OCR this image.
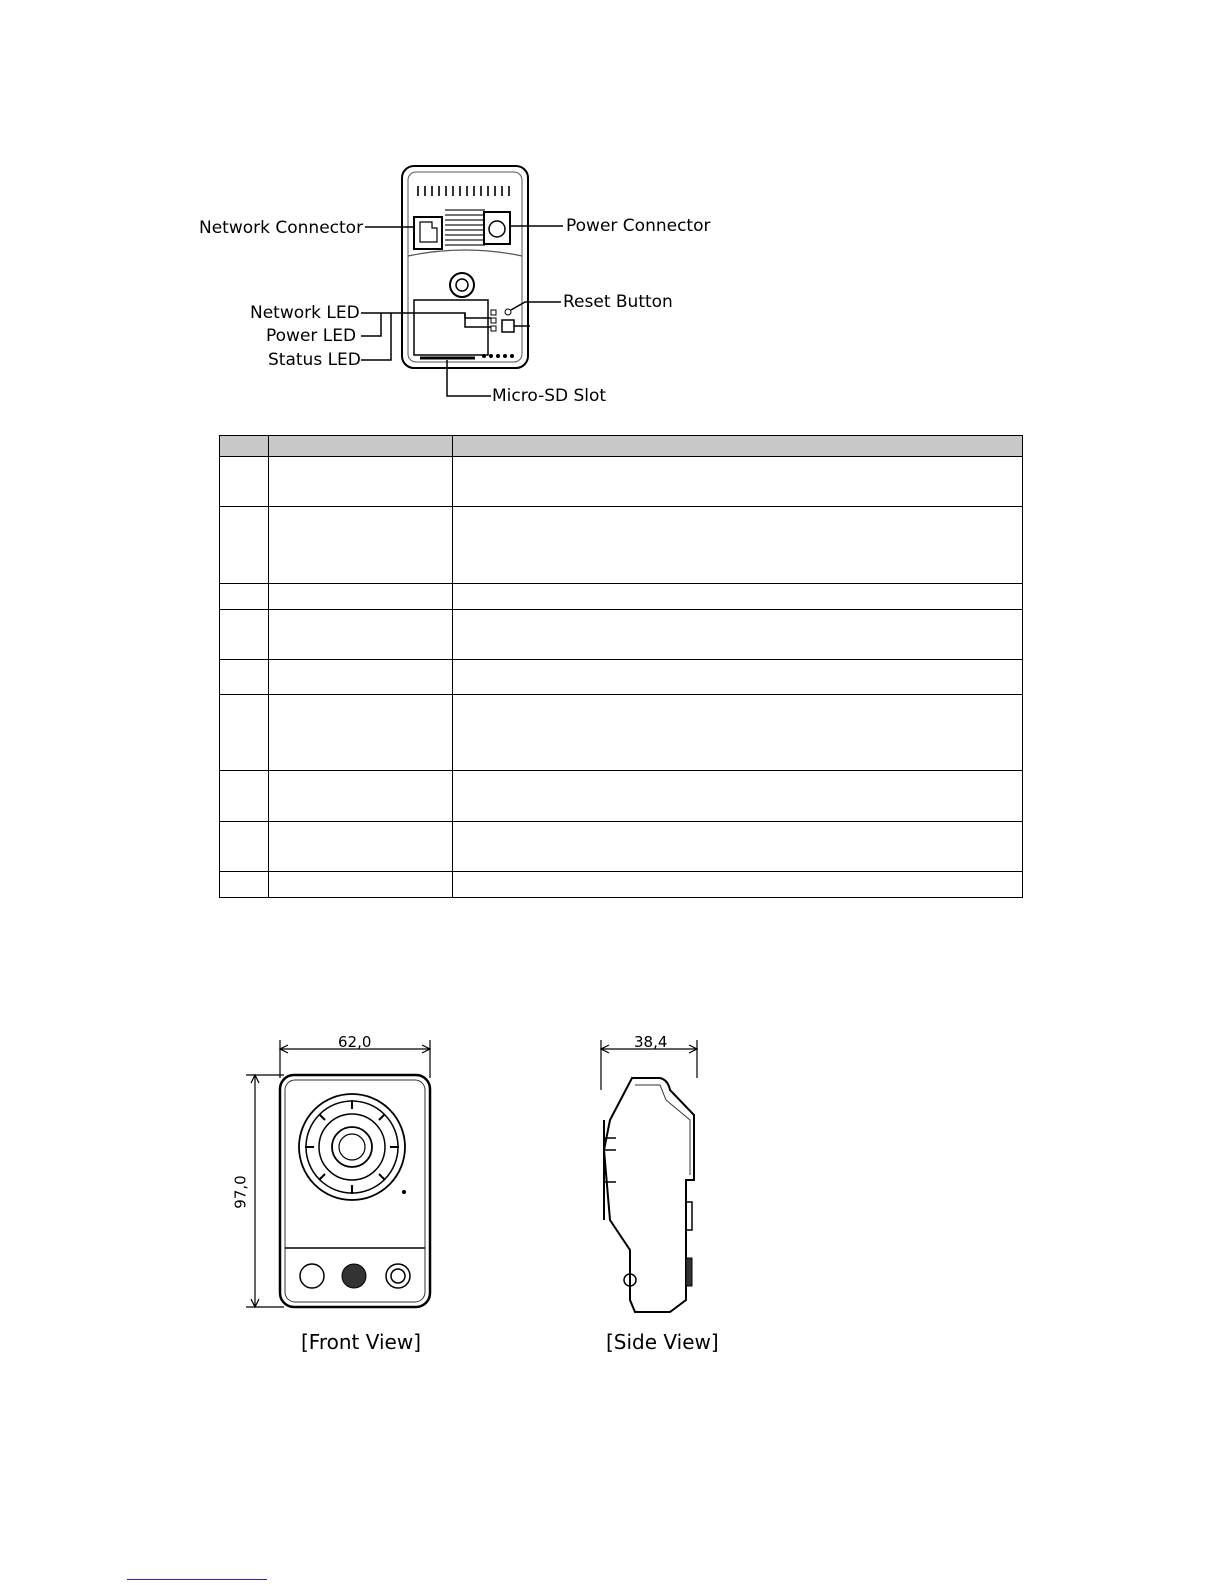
Network Connector	Power Connector
Reset Button
Network LED
Power LED
Status LED
Micro-SD Slot

62,0
97,0
[Front View]
38,4
[Side View]
